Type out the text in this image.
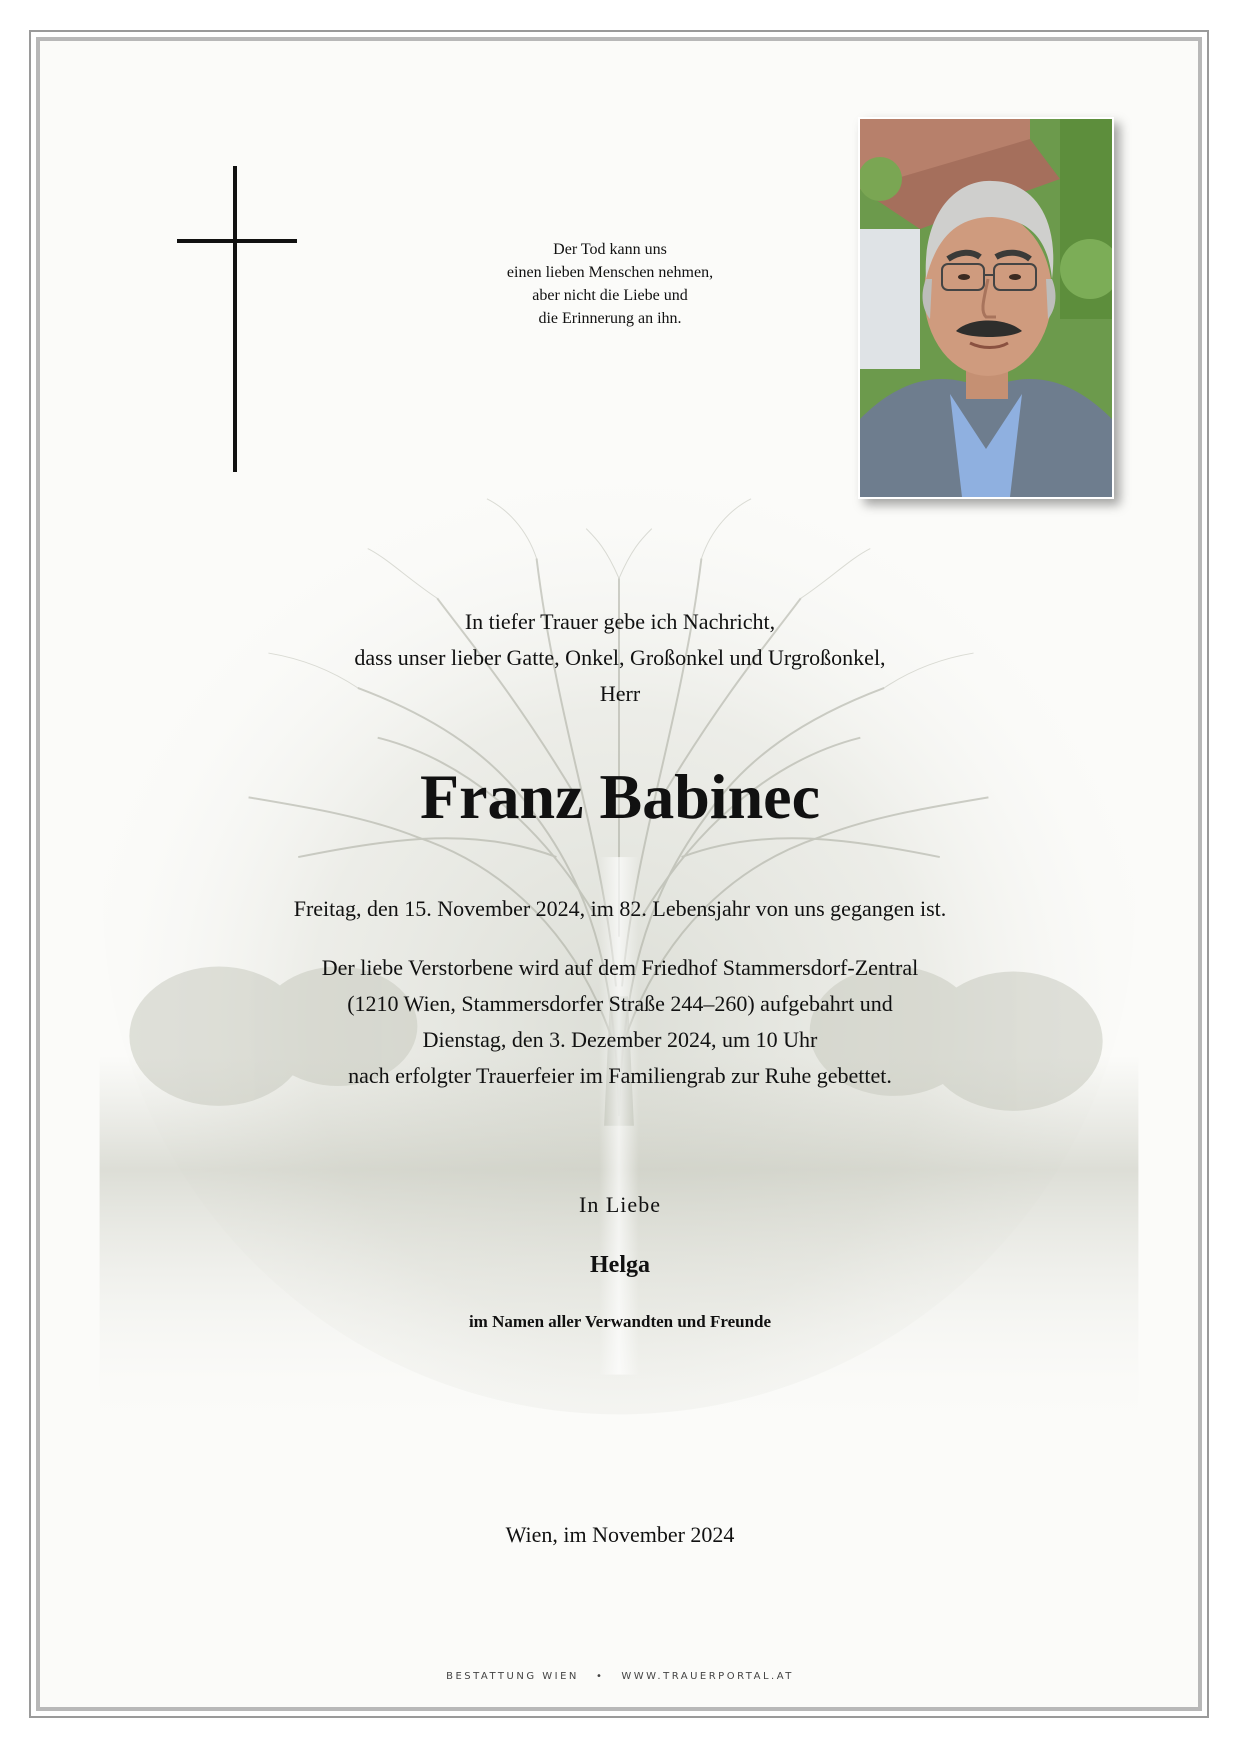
Der Tod kann uns
einen lieben Menschen nehmen,
aber nicht die Liebe und
die Erinnerung an ihn.
In tiefer Trauer gebe ich Nachricht,
dass unser lieber Gatte, Onkel, Großonkel und Urgroßonkel,
Herr
Franz Babinec
Freitag, den 15. November 2024, im 82. Lebensjahr von uns gegangen ist.
Der liebe Verstorbene wird auf dem Friedhof Stammersdorf-Zentral
(1210 Wien, Stammersdorfer Straße 244–260) aufgebahrt und
Dienstag, den 3. Dezember 2024, um 10 Uhr
nach erfolgter Trauerfeier im Familiengrab zur Ruhe gebettet.
In Liebe
Helga
im Namen aller Verwandten und Freunde
Wien, im November 2024
BESTATTUNG WIEN • WWW.TRAUERPORTAL.AT
